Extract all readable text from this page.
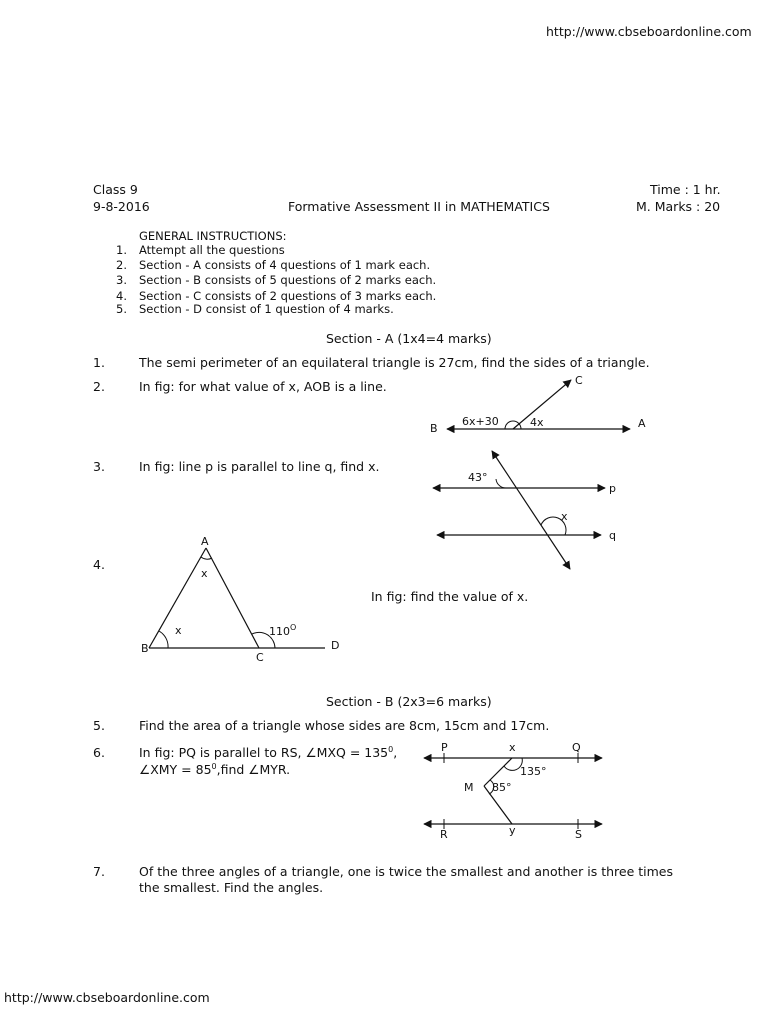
http://www.cbseboardonline.com
http://www.cbseboardonline.com
Class 9
9-8-2016	Formative Assessment II in MATHEMATICS
Time : 1 hr.
M. Marks : 20
GENERAL INSTRUCTIONS:
1. Attempt all the questions
2. Section - A consists of 4 questions of 1 mark each.
3. Section - B consists of 5 questions of 2 marks each.
4. Section - C consists of 2 questions of 3 marks each.
5. Section - D consist of 1 question of 4 marks.
Section - A (1x4=4 marks)
1.	The semi perimeter of an equilateral triangle is 27cm, find the sides of a triangle.
2.	In fig: for what value of x, AOB is a line.
B	A
C
6x+30	4x
3.	In fig: line p is parallel to line q, find x.
43°
x
p
q
4.
A
x
x
B
C
D
$110^O$
In fig: find the value of x.
Section - B (2x3=6 marks)
5.	Find the area of a triangle whose sides are 8cm, 15cm and 17cm.
6.	In fig: PQ is parallel to RS, ∠MXQ = $135^0$,
∠XMY = $85^0,find$ ∠MYR.
P	x	Q
135°
M 85°
R	y	S
7.	Of the three angles of a triangle, one is twice the smallest and another is three times
the smallest. Find the angles.
